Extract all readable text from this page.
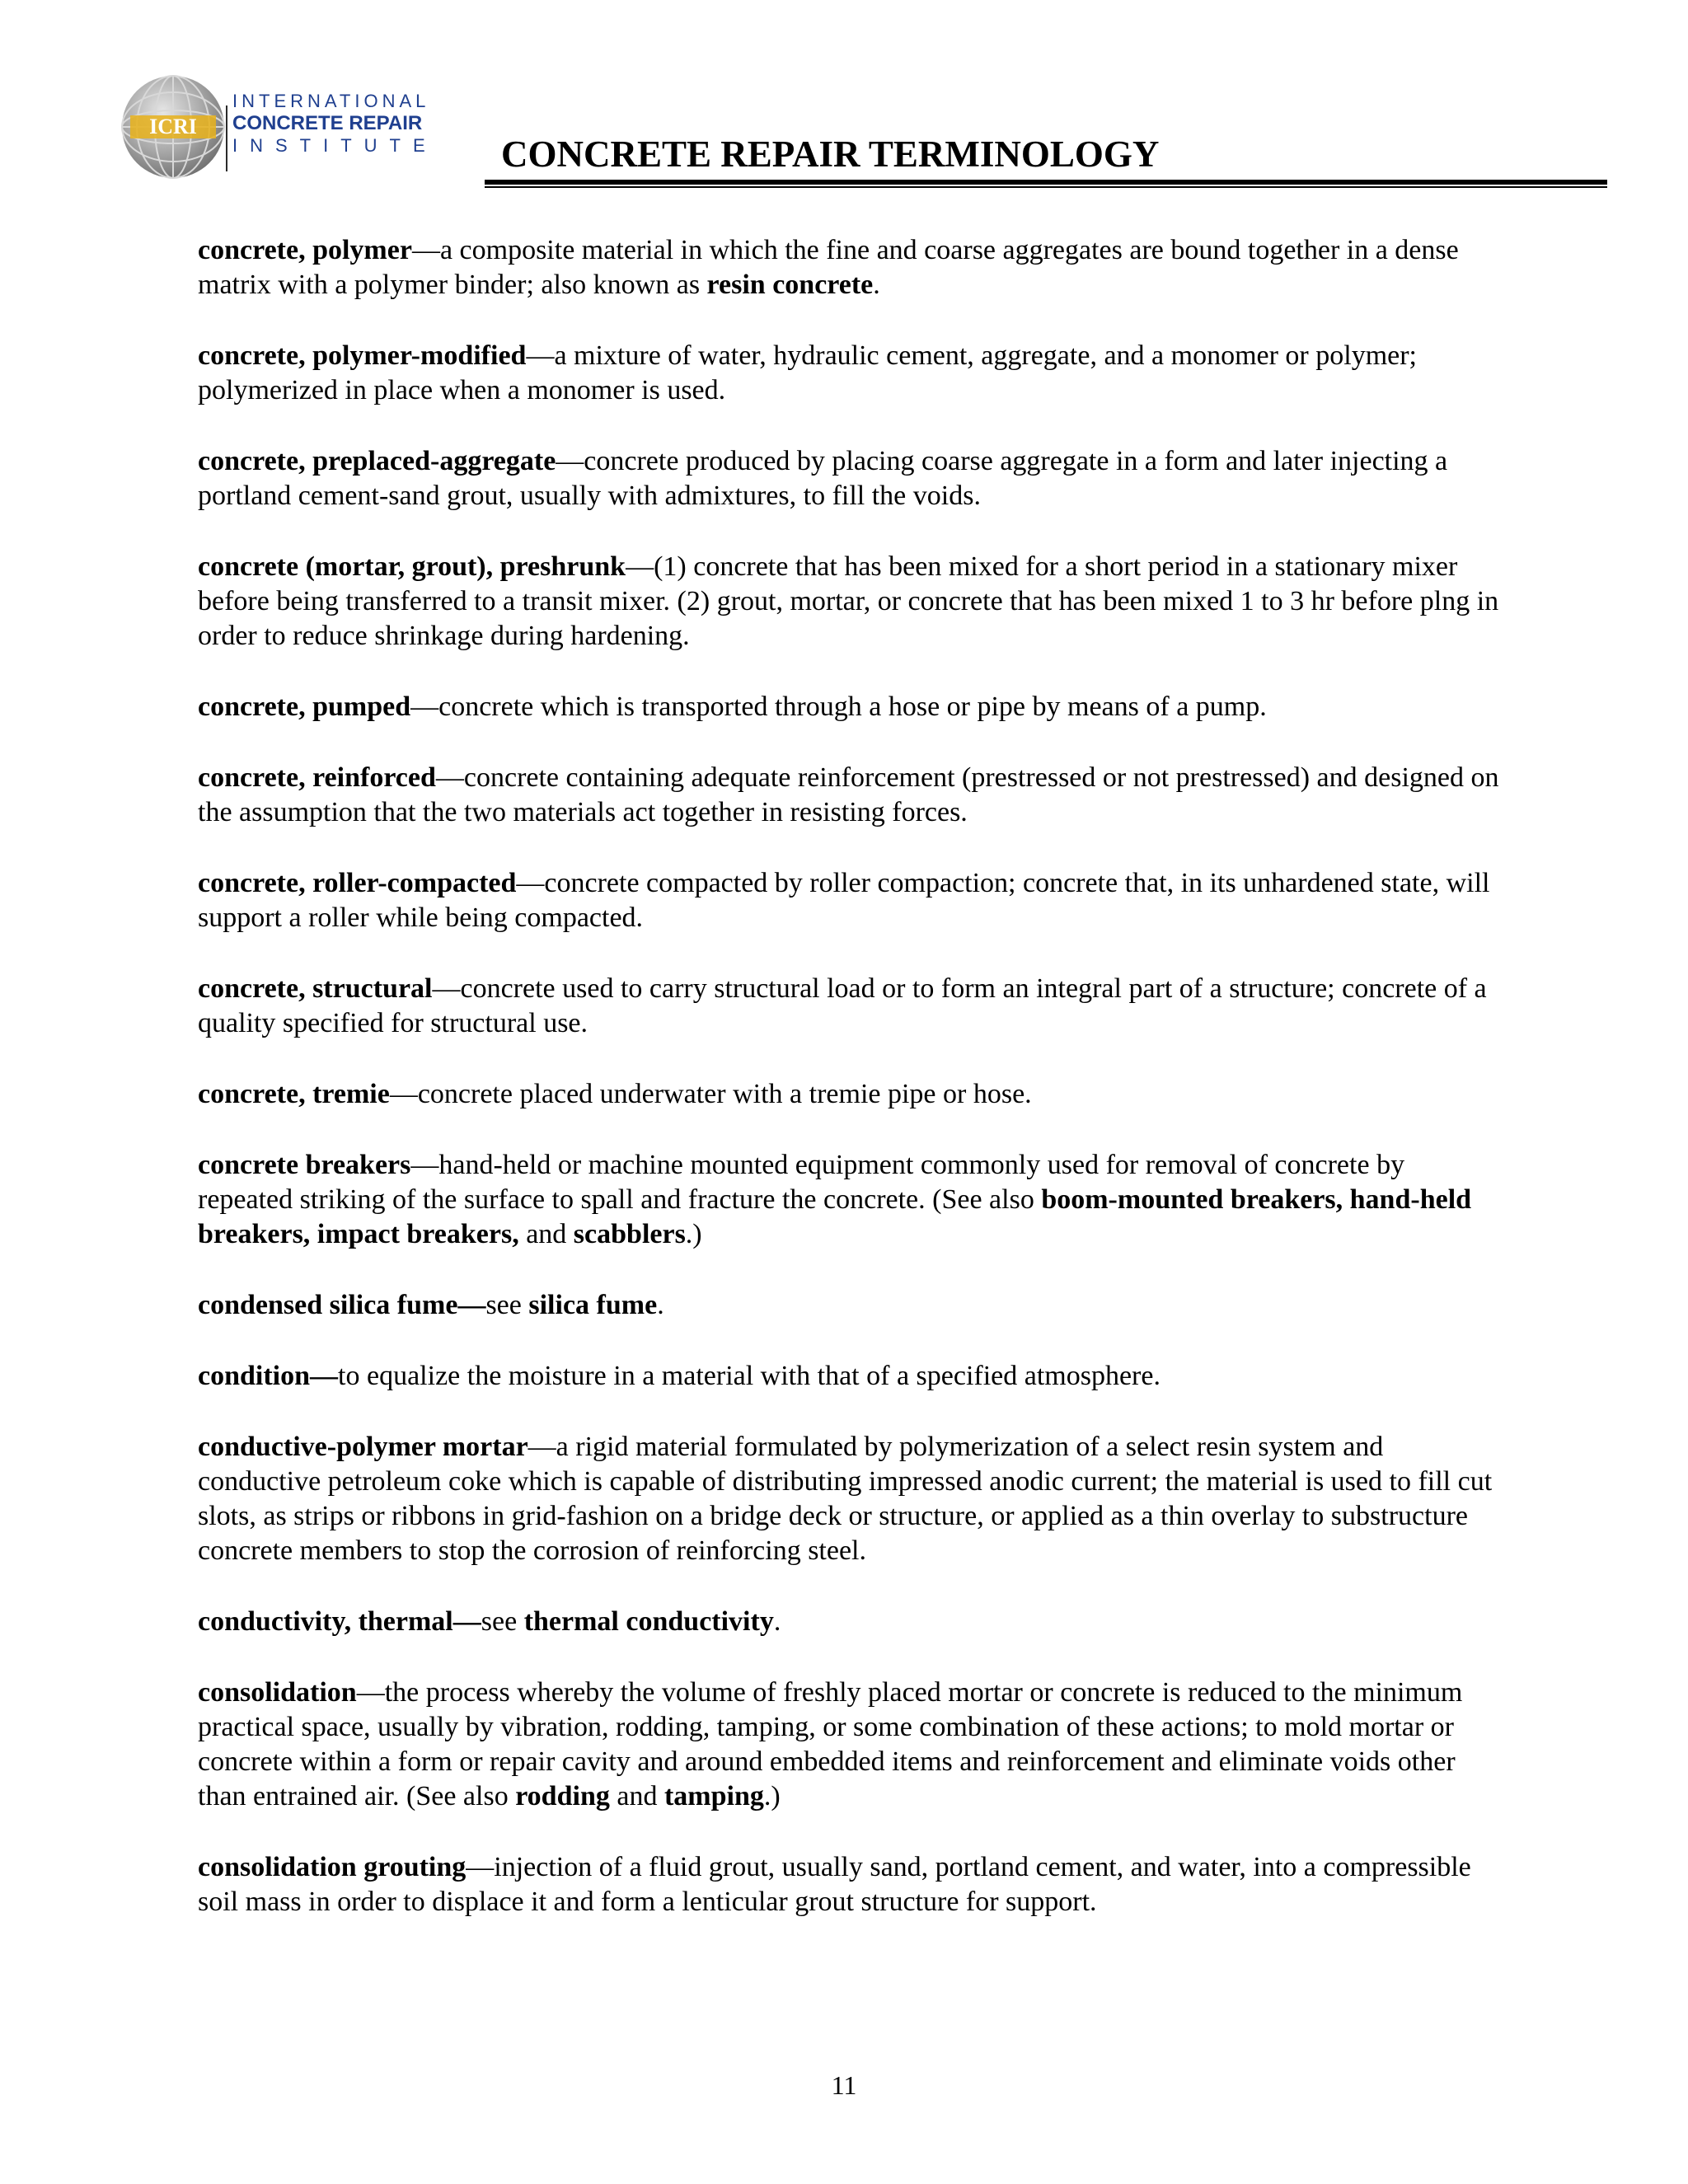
ICRI
INTERNATIONAL
CONCRETE REPAIR
INSTITUTE CONCRETE REPAIR TERMINOLOGY

concrete, polymer—a composite material in which the fine and coarse aggregates are bound together in a dense matrix with a polymer binder; also known as resin concrete.

concrete, polymer-modified—a mixture of water, hydraulic cement, aggregate, and a monomer or polymer; polymerized in place when a monomer is used.

concrete, preplaced-aggregate—concrete produced by placing coarse aggregate in a form and later injecting a portland cement-sand grout, usually with admixtures, to fill the voids.

concrete (mortar, grout), preshrunk—(1) concrete that has been mixed for a short period in a stationary mixer before being transferred to a transit mixer. (2) grout, mortar, or concrete that has been mixed 1 to 3 hr before plng in order to reduce shrinkage during hardening.

concrete, pumped—concrete which is transported through a hose or pipe by means of a pump.

concrete, reinforced—concrete containing adequate reinforcement (prestressed or not prestressed) and designed on the assumption that the two materials act together in resisting forces.

concrete, roller-compacted—concrete compacted by roller compaction; concrete that, in its unhardened state, will support a roller while being compacted.

concrete, structural—concrete used to carry structural load or to form an integral part of a structure; concrete of a quality specified for structural use.

concrete, tremie—concrete placed underwater with a tremie pipe or hose.

concrete breakers—hand-held or machine mounted equipment commonly used for removal of concrete by repeated striking of the surface to spall and fracture the concrete. (See also boom-mounted breakers, hand-held breakers, impact breakers, and scabblers.)

condensed silica fume—see silica fume.

condition—to equalize the moisture in a material with that of a specified atmosphere.

conductive-polymer mortar—a rigid material formulated by polymerization of a select resin system and conductive petroleum coke which is capable of distributing impressed anodic current; the material is used to fill cut slots, as strips or ribbons in grid-fashion on a bridge deck or structure, or applied as a thin overlay to substructure concrete members to stop the corrosion of reinforcing steel.

conductivity, thermal—see thermal conductivity.

consolidation—the process whereby the volume of freshly placed mortar or concrete is reduced to the minimum practical space, usually by vibration, rodding, tamping, or some combination of these actions; to mold mortar or concrete within a form or repair cavity and around embedded items and reinforcement and eliminate voids other than entrained air. (See also rodding and tamping.)

consolidation grouting—injection of a fluid grout, usually sand, portland cement, and water, into a compressible soil mass in order to displace it and form a lenticular grout structure for support.

11
